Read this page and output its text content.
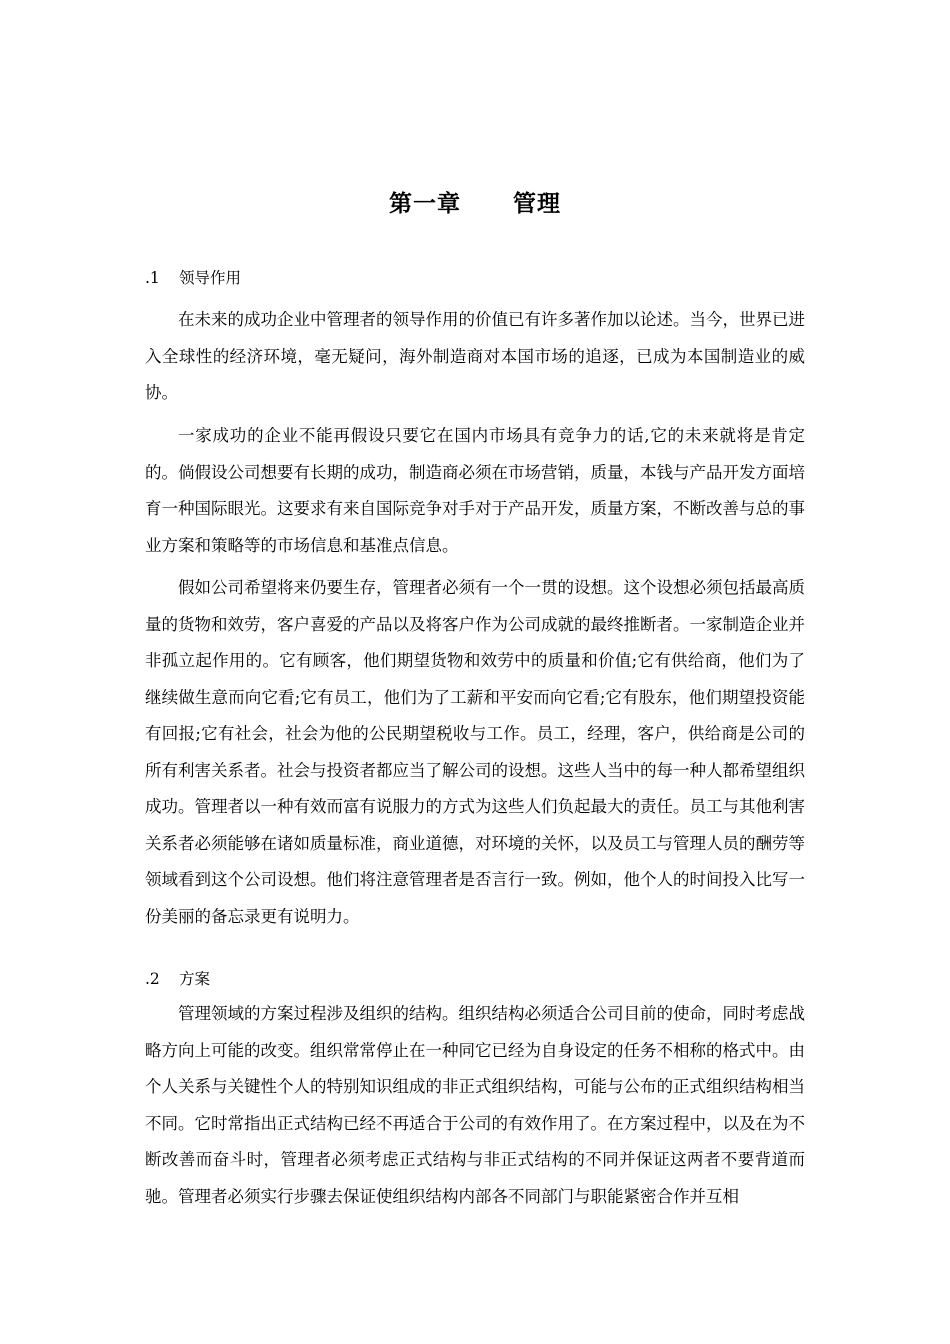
第一章 管理
.1 领导作用

在未来的成功企业中管理者的领导作用的价值已有许多著作加以论述。当今，世界已进入全球性的经济环境，毫无疑问，海外制造商对本国市场的追逐，已成为本国制造业的威协。

一家成功的企业不能再假设只要它在国内市场具有竞争力的话,它的未来就将是肯定的。倘假设公司想要有长期的成功，制造商必须在市场营销，质量，本钱与产品开发方面培育一种国际眼光。这要求有来自国际竞争对手对于产品开发，质量方案，不断改善与总的事业方案和策略等的市场信息和基准点信息。

假如公司希望将来仍要生存，管理者必须有一个一贯的设想。这个设想必须包括最高质量的货物和效劳，客户喜爱的产品以及将客户作为公司成就的最终推断者。一家制造企业并非孤立起作用的。它有顾客，他们期望货物和效劳中的质量和价值;它有供给商，他们为了继续做生意而向它看;它有员工，他们为了工薪和平安而向它看;它有股东，他们期望投资能有回报;它有社会，社会为他的公民期望税收与工作。员工，经理，客户，供给商是公司的所有利害关系者。社会与投资者都应当了解公司的设想。这些人当中的每一种人都希望组织成功。管理者以一种有效而富有说服力的方式为这些人们负起最大的责任。员工与其他利害关系者必须能够在诸如质量标准，商业道德，对环境的关怀，以及员工与管理人员的酬劳等领域看到这个公司设想。他们将注意管理者是否言行一致。例如，他个人的时间投入比写一份美丽的备忘录更有说明力。

.2 方案

管理领域的方案过程涉及组织的结构。组织结构必须适合公司目前的使命，同时考虑战略方向上可能的改变。组织常常停止在一种同它已经为自身设定的任务不相称的格式中。由个人关系与关键性个人的特别知识组成的非正式组织结构，可能与公布的正式组织结构相当不同。它时常指出正式结构已经不再适合于公司的有效作用了。在方案过程中，以及在为不断改善而奋斗时，管理者必须考虑正式结构与非正式结构的不同并保证这两者不要背道而驰。管理者必须实行步骤去保证使组织结构内部各不同部门与职能紧密合作并互相
